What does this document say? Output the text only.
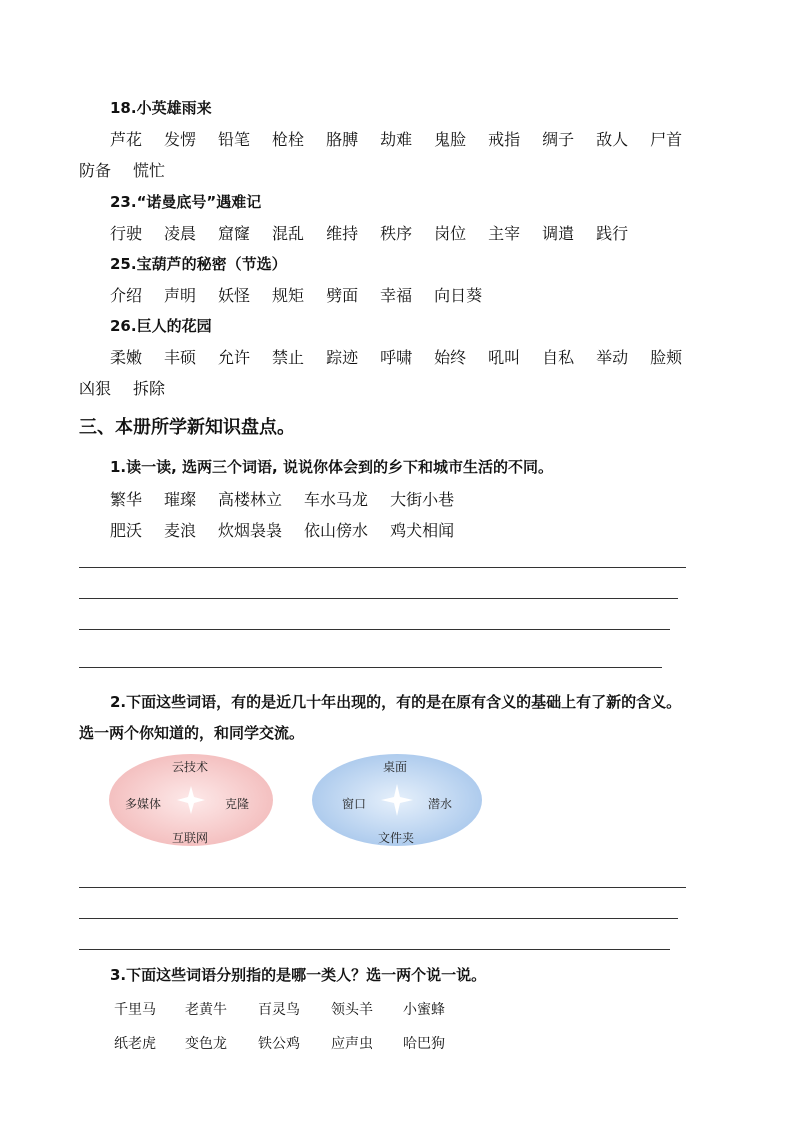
18.小英雄雨来
芦花 发愣 铅笔 枪栓 胳膊 劫难 鬼脸 戒指 绸子 敌人 尸首
防备 慌忙
23.“诺曼底号”遇难记
行驶 凌晨 窟窿 混乱 维持 秩序 岗位 主宰 调遣 践行
25.宝葫芦的秘密（节选）
介绍 声明 妖怪 规矩 劈面 幸福 向日葵
26.巨人的花园
柔嫩 丰硕 允许 禁止 踪迹 呼啸 始终 吼叫 自私 举动 脸颊
凶狠 拆除
三、本册所学新知识盘点。
1.读一读, 选两三个词语, 说说你体会到的乡下和城市生活的不同。
繁华 璀璨 高楼林立 车水马龙 大街小巷
肥沃 麦浪 炊烟袅袅 依山傍水 鸡犬相闻
2.下面这些词语，有的是近几十年出现的，有的是在原有含义的基础上有了新的含义。
选一两个你知道的，和同学交流。
云技术
多媒体	克隆
互联网
桌面
窗口	潜水
文件夹
3.下面这些词语分别指的是哪一类人？选一两个说一说。
千里马 老黄牛 百灵鸟 领头羊 小蜜蜂
纸老虎 变色龙 铁公鸡 应声虫 哈巴狗
